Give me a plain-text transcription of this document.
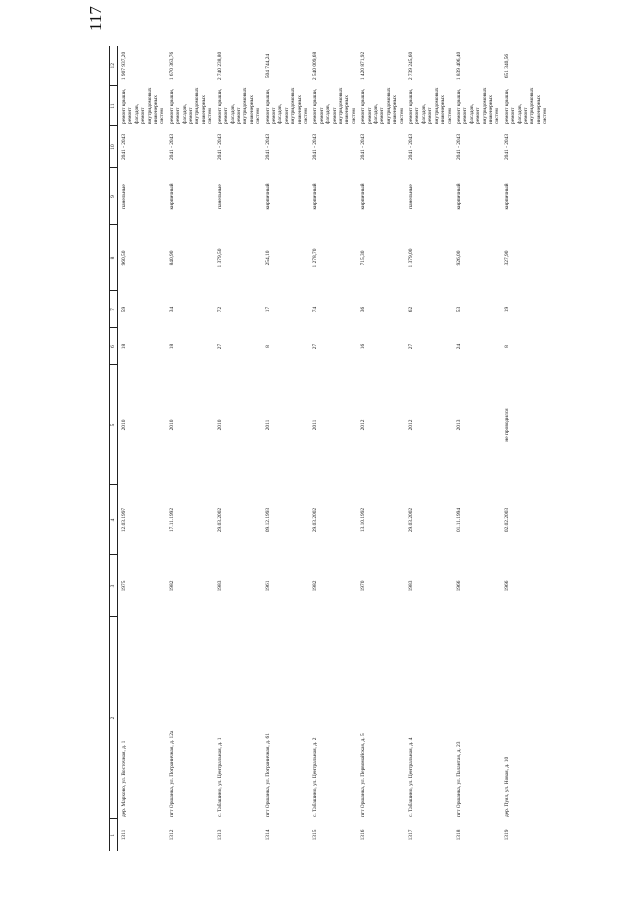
117
1	2	3	4	5	6	7	8	9	10	11	12
1311	дер. Мархово, ул. Восточная, д. 1	1975	12.03.1997	2010	18	59	960,50	панельные	2041 - 2043	ремонт крыши, ремонт фасадов, ремонт внутридомовых инженерных систем	1 907 937,20
1312	пгт Оршанка, ул. Пограничная, д. 12а	1982	17.11.1992	2010	18	34	840,90	кирпичный	2041 - 2043	ремонт крыши, ремонт фасадов, ремонт внутридомовых инженерных систем	1 670 363,76
1313	с. Табашино, ул. Центральная, д. 1	1983	29.03.2002	2010	27	72	1 379,50	панельные	2041 - 2043	ремонт крыши, ремонт фасадов, ремонт внутридомовых инженерных систем	2 740 238,80
1314	пгт Оршанка, ул. Пограничная, д. 61	1961	09.12.1993	2011	8	17	254,10	кирпичный	2041 - 2043	ремонт крыши, ремонт фасадов, ремонт внутридомовых инженерных систем	504 744,24
1315	с. Табашино, ул. Центральная, д. 2	1982	29.03.2002	2011	27	74	1 278,70	кирпичный	2041 - 2043	ремонт крыши, ремонт фасадов, ремонт внутридомовых инженерных систем	2 540 009,68
1316	пгт Оршанка, ул. Первомайская, д. 5	1970	13.10.1992	2012	16	36	715,30	кирпичный	2041 - 2043	ремонт крыши, ремонт фасадов, ремонт внутридомовых инженерных систем	1 420 871,92
1317	с. Табашино, ул. Центральная, д. 4	1983	29.03.2002	2012	27	62	1 379,00	панельные	2041 - 2043	ремонт крыши, ремонт фасадов, ремонт внутридомовых инженерных систем	2 739 245,60
1318	пгт Оршанка, ул. Палантая, д. 23	1966	01.11.1994	2013	24	53	926,00	кирпичный	2041 - 2043	ремонт крыши, ремонт фасадов, ремонт внутридомовых инженерных систем	1 839 406,40
1319	дер. Пуял, ул. Новая, д. 10	1966	02.02.2003	не проводился	8	19	327,90	кирпичный	2041 - 2043	ремонт крыши, ремонт фасадов, ремонт внутридомовых инженерных систем	651 340,56
